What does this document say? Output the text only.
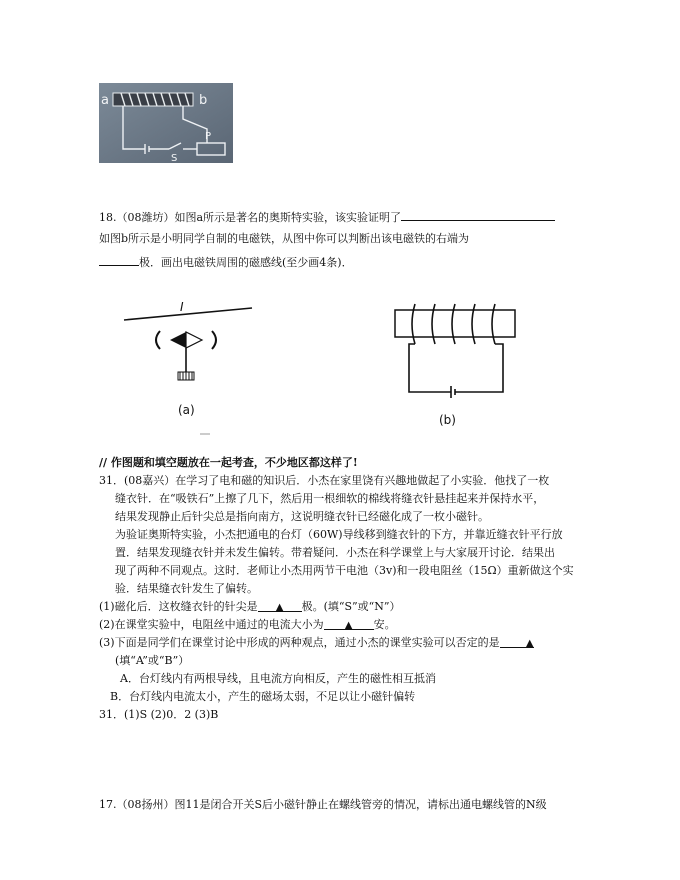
a	b
P
S
18.（08潍坊）如图a所示是著名的奥斯特实验，该实验证明了
如图b所示是小明同学自制的电磁铁，从图中你可以判断出该电磁铁的右端为
极．画出电磁铁周围的磁感线(至少画4条)．
I
(a)
(b)
// 作图题和填空题放在一起考查，不少地区都这样了!
31．(08嘉兴）在学习了电和磁的知识后．小杰在家里饶有兴趣地做起了小实验．他找了一枚
缝衣针．在“吸铁石”上擦了几下，然后用一根细软的棉线将缝衣针悬挂起来并保持水平，
结果发现静止后针尖总是指向南方，这说明缝衣针已经磁化成了一枚小磁针。
为验证奥斯特实验，小杰把通电的台灯（60W)导线移到缝衣针的下方，并靠近缝衣针平行放
置．结果发现缝衣针并未发生偏转。带着疑问．小杰在科学课堂上与大家展开讨论．结果出
现了两种不同观点。这时．老师让小杰用两节干电池（3v)和一段电阻丝（15Ω）重新做这个实
验．结果缝衣针发生了偏转。
(1)磁化后．这枚缝衣针的针尖是 ▲ 极。(填“S”或“N”）
(2)在课堂实验中，电阻丝中通过的电流大小为 ▲ 安。
(3)下面是同学们在课堂讨论中形成的两种观点，通过小杰的课堂实验可以否定的是	▲
(填“A”或“B”）
A．台灯线内有两根导线，且电流方向相反，产生的磁性相互抵消
B．台灯线内电流太小，产生的磁场太弱，不足以让小磁针偏转
31．(1)S (2)0．2 (3)B
17.（08扬州）图11是闭合开关S后小磁针静止在螺线管旁的情况，请标出通电螺线管的N级
